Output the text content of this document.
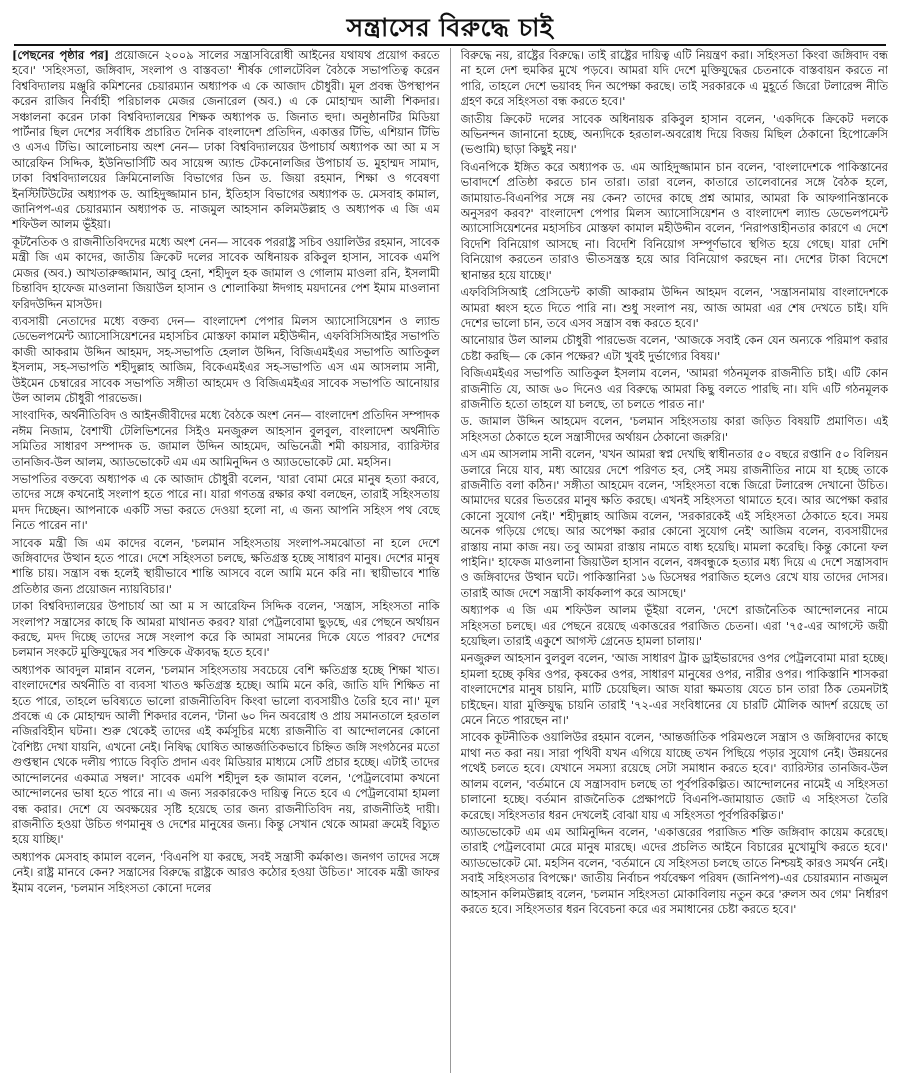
সন্ত্রাসের বিরুদ্ধে চাই

[পেছনের পৃষ্ঠার পর] প্রয়োজনে ২০০৯ সালের সন্ত্রাসবিরোধী আইনের যথাযথ প্রয়োগ করতে হবে।' 'সহিংসতা, জঙ্গিবাদ, সংলাপ ও বাস্তবতা' শীর্ষক গোলটেবিল বৈঠকে সভাপতিত্ব করেন বিশ্ববিদ্যালয় মঞ্জুরি কমিশনের চেয়ারম্যান অধ্যাপক এ কে আজাদ চৌধুরী। মূল প্রবন্ধ উপস্থাপন করেন রাজিব নির্বাহী পরিচালক মেজর জেনারেল (অব.) এ কে মোহাম্মদ আলী শিকদার। সঞ্চালনা করেন ঢাকা বিশ্ববিদ্যালয়ের শিক্ষক অধ্যাপক ড. জিনাত হুদা। অনুষ্ঠানটির মিডিয়া পার্টনার ছিল দেশের সর্বাধিক প্রচারিত দৈনিক বাংলাদেশ প্রতিদিন, একাত্তর টিভি, এশিয়ান টিভি ও এসএ টিভি। আলোচনায় অংশ নেন— ঢাকা বিশ্ববিদ্যালয়ের উপাচার্য অধ্যাপক আ আ ম স আরেফিন সিদ্দিক, ইউনিভার্সিটি অব সায়েন্স অ্যান্ড টেকনোলজির উপাচার্য ড. মুহাম্মদ সামাদ, ঢাকা বিশ্ববিদ্যালয়ের ক্রিমিনোলজি বিভাগের ডিন ড. জিয়া রহমান, শিক্ষা ও গবেষণা ইনস্টিটিউটের অধ্যাপক ড. আহিদুজ্জামান চান, ইতিহাস বিভাগের অধ্যাপক ড. মেসবাহ কামাল, জানিপপ-এর চেয়ারম্যান অধ্যাপক ড. নাজমুল আহসান কলিমউল্লাহ ও অধ্যাপক এ জি এম শফিউল আলম ভূঁইয়া।

কূটনৈতিক ও রাজনীতিবিদদের মধ্যে অংশ নেন— সাবেক পররাষ্ট্র সচিব ওয়ালিউর রহমান, সাবেক মন্ত্রী জি এম কাদের, জাতীয় ক্রিকেট দলের সাবেক অধিনায়ক রকিবুল হাসান, সাবেক এমপি মেজর (অব.) আখতারুজ্জামান, আবু হেনা, শহীদুল হক জামাল ও গোলাম মাওলা রনি, ইসলামী চিন্তাবিদ হাফেজ মাওলানা জিয়াউল হাসান ও শোলাকিয়া ঈদগাহ ময়দানের পেশ ইমাম মাওলানা ফরিদউদ্দিন মাসউদ।

ব্যবসায়ী নেতাদের মধ্যে বক্তব্য দেন— বাংলাদেশ পেপার মিলস অ্যাসোসিয়েশন ও ল্যান্ড ডেভেলপমেন্ট অ্যাসোসিয়েশনের মহাসচিব মোস্তফা কামাল মহীউদ্দীন, এফবিসিসিআইর সভাপতি কাজী আকরাম উদ্দিন আহমদ, সহ-সভাপতি হেলাল উদ্দিন, বিজিএমইএর সভাপতি আতিকুল ইসলাম, সহ-সভাপতি শহীদুল্লাহ আজিম, বিকেএমইএর সহ-সভাপতি এস এম আসলাম সানী, উইমেন চেম্বারের সাবেক সভাপতি সঙ্গীতা আহমেদ ও বিজিএমইএর সাবেক সভাপতি আনোয়ার উল আলম চৌধুরী পারভেজ।

সাংবাদিক, অর্থনীতিবিদ ও আইনজীবীদের মধ্যে বৈঠকে অংশ নেন— বাংলাদেশ প্রতিদিন সম্পাদক নঈম নিজাম, বৈশাখী টেলিভিশনের সিইও মনজুরুল আহসান বুলবুল, বাংলাদেশ অর্থনীতি সমিতির সাধারণ সম্পাদক ড. জামাল উদ্দিন আহমেদ, অভিনেত্রী শমী কায়সার, ব্যারিস্টার তানজিব-উল আলম, অ্যাডভোকেট এম এম আমিনুদ্দিন ও অ্যাডভোকেট মো. মহসিন।

সভাপতির বক্তব্যে অধ্যাপক এ কে আজাদ চৌধুরী বলেন, 'যারা বোমা মেরে মানুষ হত্যা করবে, তাদের সঙ্গে কখনোই সংলাপ হতে পারে না। যারা গণতন্ত্র রক্ষার কথা বলছেন, তারাই সহিংসতায় মদদ দিচ্ছেন। আপনাকে একটি সভা করতে দেওয়া হলো না, এ জন্য আপনি সহিংস পথ বেছে নিতে পারেন না।'

সাবেক মন্ত্রী জি এম কাদের বলেন, 'চলমান সহিংসতায় সংলাপ-সমঝোতা না হলে দেশে জঙ্গিবাদের উত্থান হতে পারে। দেশে সহিংসতা চলছে, ক্ষতিগ্রস্ত হচ্ছে সাধারণ মানুষ। দেশের মানুষ শান্তি চায়। সন্ত্রাস বন্ধ হলেই স্থায়ীভাবে শান্তি আসবে বলে আমি মনে করি না। স্থায়ীভাবে শান্তি প্রতিষ্ঠার জন্য প্রয়োজন ন্যায়বিচার।'

ঢাকা বিশ্ববিদ্যালয়ের উপাচার্য আ আ ম স আরেফিন সিদ্দিক বলেন, 'সন্ত্রাস, সহিংসতা নাকি সংলাপ? সন্ত্রাসের কাছে কি আমরা মাথানত করব? যারা পেট্রলবোমা ছুড়ছে, এর পেছনে অর্থায়ন করছে, মদদ দিচ্ছে তাদের সঙ্গে সংলাপ করে কি আমরা সামনের দিকে যেতে পারব? দেশের চলমান সংকটে মুক্তিযুদ্ধের সব শক্তিকে ঐক্যবদ্ধ হতে হবে।'

অধ্যাপক আবদুল মান্নান বলেন, 'চলমান সহিংসতায় সবচেয়ে বেশি ক্ষতিগ্রস্ত হচ্ছে শিক্ষা খাত। বাংলাদেশের অর্থনীতি বা ব্যবসা খাতও ক্ষতিগ্রস্ত হচ্ছে। আমি মনে করি, জাতি যদি শিক্ষিত না হতে পারে, তাহলে ভবিষ্যতে ভালো রাজনীতিবিদ কিংবা ভালো ব্যবসায়ীও তৈরি হবে না।' মূল প্রবন্ধে এ কে মোহাম্মদ আলী শিকদার বলেন, 'টানা ৬০ দিন অবরোধ ও প্রায় সমানতালে হরতাল নজিরবিহীন ঘটনা। শুরু থেকেই তাদের এই কর্মসূচির মধ্যে রাজনীতি বা আন্দোলনের কোনো বৈশিষ্ট্য দেখা যায়নি, এখনো নেই। নিষিদ্ধ ঘোষিত আন্তর্জাতিকভাবে চিহ্নিত জঙ্গি সংগঠনের মতো গুপ্তস্থান থেকে দলীয় প্যাডে বিবৃতি প্রদান এবং মিডিয়ার মাধ্যমে সেটি প্রচার হচ্ছে। এটাই তাদের আন্দোলনের একমাত্র সম্বল।' সাবেক এমপি শহীদুল হক জামাল বলেন, 'পেট্রলবোমা কখনো আন্দোলনের ভাষা হতে পারে না। এ জন্য সরকারকেও দায়িত্ব নিতে হবে এ পেট্রলবোমা হামলা বন্ধ করার। দেশে যে অবক্ষয়ের সৃষ্টি হয়েছে তার জন্য রাজনীতিবিদ নয়, রাজনীতিই দায়ী। রাজনীতি হওয়া উচিত গণমানুষ ও দেশের মানুষের জন্য। কিন্তু সেখান থেকে আমরা ক্রমেই বিচ্যুত হয়ে যাচ্ছি।'

অধ্যাপক মেসবাহ কামাল বলেন, 'বিএনপি যা করছে, সবই সন্ত্রাসী কর্মকাণ্ড। জনগণ তাদের সঙ্গে নেই। রাষ্ট্র মানবে কেন? সন্ত্রাসের বিরুদ্ধে রাষ্ট্রকে আরও কঠোর হওয়া উচিত।' সাবেক মন্ত্রী জাফর ইমাম বলেন, 'চলমান সহিংসতা কোনো দলের

বিরুদ্ধে নয়, রাষ্ট্রের বিরুদ্ধে। তাই রাষ্ট্রের দায়িত্ব এটি নিয়ন্ত্রণ করা। সহিংসতা কিংবা জঙ্গিবাদ বন্ধ না হলে দেশ হুমকির মুখে পড়বে। আমরা যদি দেশে মুক্তিযুদ্ধের চেতনাকে বাস্তবায়ন করতে না পারি, তাহলে দেশে ভয়াবহ দিন অপেক্ষা করছে। তাই সরকারকে এ মুহূর্তে জিরো টলারেন্স নীতি গ্রহণ করে সহিংসতা বন্ধ করতে হবে।'

জাতীয় ক্রিকেট দলের সাবেক অধিনায়ক রকিবুল হাসান বলেন, 'একদিকে ক্রিকেট দলকে অভিনন্দন জানানো হচ্ছে, অন্যদিকে হরতাল-অবরোধ দিয়ে বিজয় মিছিল ঠেকানো হিপোক্রেসি (ভণ্ডামি) ছাড়া কিছুই নয়।'

বিএনপিকে ইঙ্গিত করে অধ্যাপক ড. এম আহিদুজ্জামান চান বলেন, 'বাংলাদেশকে পাকিস্তানের ভাবাদর্শে প্রতিষ্ঠা করতে চান তারা। তারা বলেন, কাতারে তালেবানের সঙ্গে বৈঠক হলে, জামায়াত-বিএনপির সঙ্গে নয় কেন? তাদের কাছে প্রশ্ন আমার, আমরা কি আফগানিস্তানকে অনুসরণ করব?' বাংলাদেশ পেপার মিলস অ্যাসোসিয়েশন ও বাংলাদেশ ল্যান্ড ডেভেলপমেন্ট অ্যাসোসিয়েশনের মহাসচিব মোস্তফা কামাল মহীউদ্দীন বলেন, 'নিরাপত্তাহীনতার কারণে এ দেশে বিদেশি বিনিয়োগ আসছে না। বিদেশি বিনিয়োগ সম্পূর্ণভাবে স্থগিত হয়ে গেছে। যারা দেশি বিনিয়োগ করতেন তারাও ভীতসন্ত্রস্ত হয়ে আর বিনিয়োগ করছেন না। দেশের টাকা বিদেশে স্থানান্তর হয়ে যাচ্ছে।'

এফবিসিসিআই প্রেসিডেন্ট কাজী আকরাম উদ্দিন আহমদ বলেন, 'সন্ত্রাসনামায় বাংলাদেশকে আমরা ধ্বংস হতে দিতে পারি না। শুধু সংলাপ নয়, আজ আমরা এর শেষ দেখতে চাই। যদি দেশের ভালো চান, তবে এসব সন্ত্রাস বন্ধ করতে হবে।'

আনোয়ার উল আলম চৌধুরী পারভেজ বলেন, 'আজকে সবাই কেন যেন অন্যকে পরিমাপ করার চেষ্টা করছি— কে কোন পক্ষের? এটা খুবই দুর্ভাগ্যের বিষয়।'

বিজিএমইএর সভাপতি আতিকুল ইসলাম বলেন, 'আমরা গঠনমূলক রাজনীতি চাই। এটি কোন রাজনীতি যে, আজ ৬০ দিনেও এর বিরুদ্ধে আমরা কিছু বলতে পারছি না। যদি এটি গঠনমূলক রাজনীতি হতো তাহলে যা চলছে, তা চলতে পারত না।'

ড. জামাল উদ্দিন আহমেদ বলেন, 'চলমান সহিংসতায় কারা জড়িত বিষয়টি প্রমাণিত। এই সহিংসতা ঠেকাতে হলে সন্ত্রাসীদের অর্থায়ন ঠেকানো জরুরি।'

এস এম আসলাম সানী বলেন, 'যখন আমরা স্বপ্ন দেখছি স্বাধীনতার ৫০ বছরে রপ্তানি ৫০ বিলিয়ন ডলারে নিয়ে যাব, মধ্য আয়ের দেশে পরিণত হব, সেই সময় রাজনীতির নামে যা হচ্ছে তাকে রাজনীতি বলা কঠিন।' সঙ্গীতা আহমেদ বলেন, 'সহিংসতা বন্ধে জিরো টলারেন্স দেখানো উচিত। আমাদের ঘরের ভিতরের মানুষ ক্ষতি করছে। এখনই সহিংসতা থামাতে হবে। আর অপেক্ষা করার কোনো সুযোগ নেই।' শহীদুল্লাহ আজিম বলেন, 'সরকারকেই এই সহিংসতা ঠেকাতে হবে। সময় অনেক গড়িয়ে গেছে। আর অপেক্ষা করার কোনো সুযোগ নেই' আজিম বলেন, ব্যবসায়ীদের রাস্তায় নামা কাজ নয়। তবু আমরা রাস্তায় নামতে বাধ্য হয়েছি। মামলা করেছি। কিন্তু কোনো ফল পাইনি।' হাফেজ মাওলানা জিয়াউল হাসান বলেন, বঙ্গবন্ধুকে হত্যার মধ্য দিয়ে এ দেশে সন্ত্রাসবাদ ও জঙ্গিবাদের উত্থান ঘটে। পাকিস্তানিরা ১৬ ডিসেম্বর পরাজিত হলেও রেখে যায় তাদের দোসর। তারাই আজ দেশে সন্ত্রাসী কার্যকলাপ করে আসছে।'

অধ্যাপক এ জি এম শফিউল আলম ভূঁইয়া বলেন, 'দেশে রাজনৈতিক আন্দোলনের নামে সহিংসতা চলছে। এর পেছনে রয়েছে একাত্তরের পরাজিত চেতনা। এরা '৭৫-এর আগস্টে জয়ী হয়েছিল। তারাই একুশে আগস্ট গ্রেনেড হামলা চালায়।'

মনজুরুল আহসান বুলবুল বলেন, 'আজ সাধারণ ট্রাক ড্রাইভারদের ওপর পেট্রলবোমা মারা হচ্ছে। হামলা হচ্ছে কৃষির ওপর, কৃষকের ওপর, সাধারণ মানুষের ওপর, নারীর ওপর। পাকিস্তানি শাসকরা বাংলাদেশের মানুষ চায়নি, মাটি চেয়েছিল। আজ যারা ক্ষমতায় যেতে চান তারা ঠিক তেমনটাই চাইছেন। যারা মুক্তিযুদ্ধ চায়নি তারাই '৭২-এর সংবিধানের যে চারটি মৌলিক আদর্শ রয়েছে তা মেনে নিতে পারছেন না।'

সাবেক কূটনীতিক ওয়ালিউর রহমান বলেন, 'আন্তর্জাতিক পরিমণ্ডলে সন্ত্রাস ও জঙ্গিবাদের কাছে মাথা নত করা নয়। সারা পৃথিবী যখন এগিয়ে যাচ্ছে তখন পিছিয়ে পড়ার সুযোগ নেই। উন্নয়নের পথেই চলতে হবে। যেখানে সমস্যা রয়েছে সেটা সমাধান করতে হবে।' ব্যারিস্টার তানজিব-উল আলম বলেন, 'বর্তমানে যে সন্ত্রাসবাদ চলছে তা পূর্বপরিকল্পিত। আন্দোলনের নামেই এ সহিংসতা চালানো হচ্ছে। বর্তমান রাজনৈতিক প্রেক্ষাপটে বিএনপি-জামায়াত জোট এ সহিংসতা তৈরি করেছে। সহিংসতার ধরন দেখলেই বোঝা যায় এ সহিংসতা পূর্বপরিকল্পিত।'

অ্যাডভোকেট এম এম আমিনুদ্দিন বলেন, 'একাত্তরের পরাজিত শক্তি জঙ্গিবাদ কায়েম করেছে। তারাই পেট্রলবোমা মেরে মানুষ মারছে। এদের প্রচলিত আইনে বিচারের মুখোমুখি করতে হবে।' অ্যাডভোকেট মো. মহসিন বলেন, 'বর্তমানে যে সহিংসতা চলছে তাতে নিশ্চয়ই কারও সমর্থন নেই। সবাই সহিংসতার বিপক্ষে।' জাতীয় নির্বাচন পর্যবেক্ষণ পরিষদ (জানিপপ)-এর চেয়ারম্যান নাজমুল আহসান কলিমউল্লাহ বলেন, 'চলমান সহিংসতা মোকাবিলায় নতুন করে 'রুলস অব গেম' নির্ধারণ করতে হবে। সহিংসতার ধরন বিবেচনা করে এর সমাধানের চেষ্টা করতে হবে।'
